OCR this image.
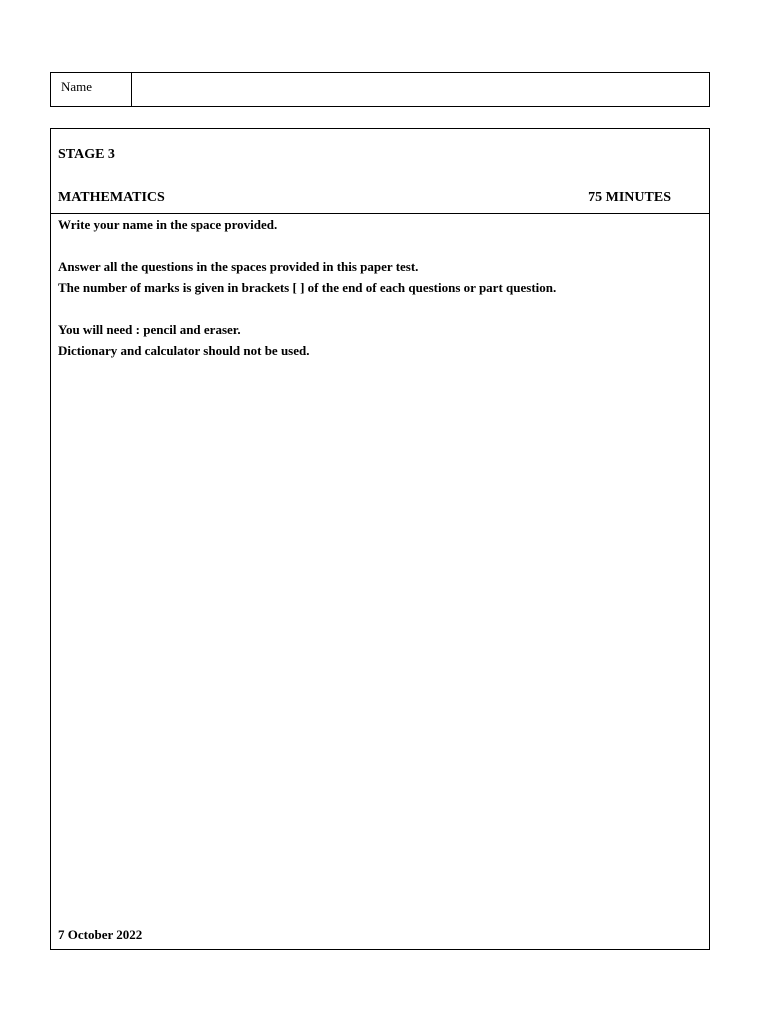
Name
STAGE 3
MATHEMATICS	75 MINUTES
Write your name in the space provided.
Answer all the questions in the spaces provided in this paper test.
The number of marks is given in brackets [ ] of the end of each questions or part question.
You will need : pencil and eraser.
Dictionary and calculator should not be used.
7 October 2022
